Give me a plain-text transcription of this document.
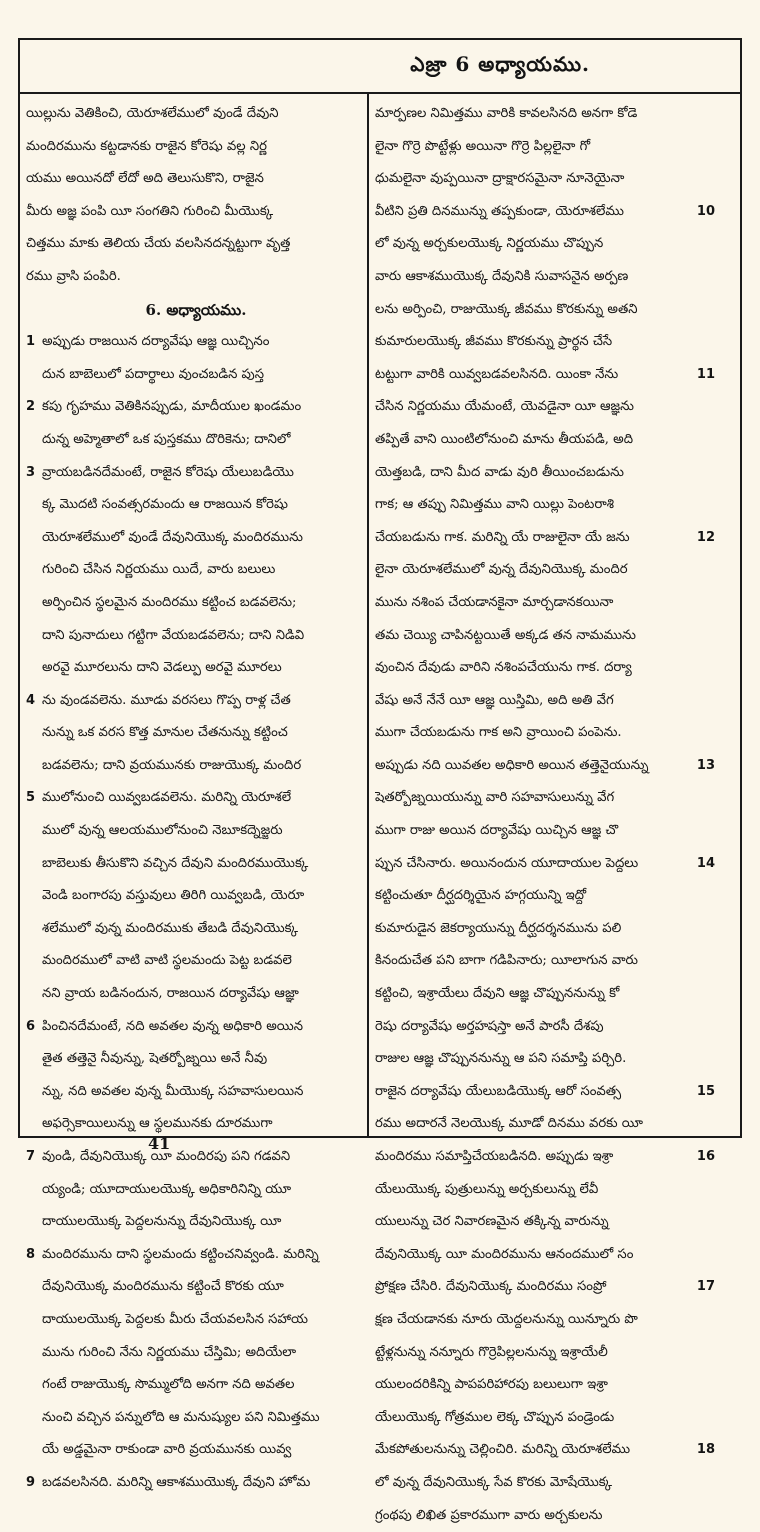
ఎజ్రా 6 అధ్యాయము.
యిల్లును వెతికించి, యెరూశలేములో వుండే దేవుని
మందిరమును కట్టడానకు రాజైన కోరెషు వల్ల నిర్ణ
యము అయినదో లేదో అది తెలుసుకొని, రాజైన
మీరు అజ్ఞ పంపి యీ సంగతిని గురించి మీయొక్క
చిత్తము మాకు తెలియ చేయ వలసినదన్నట్టుగా వృత్త
రము వ్రాసి పంపిరి.
6. అధ్యాయము.
1 అప్పుడు రాజయిన దర్యావేషు ఆజ్ఞ యిచ్చినం
దున బాబెలులో పదార్థాలు వుంచబడిన పుస్త
2 కపు గృహము వెతికినప్పుడు, మాదీయుల ఖండమం
దున్న అహ్మెతాలో ఒక పుస్తకము దొరికెను; దానిలో
3 వ్రాయబడినదేమంటే, రాజైన కోరెషు యేలుబడియొ
క్క మొదటి సంవత్సరమందు ఆ రాజయిన కోరెషు
యెరూశలేములో వుండే దేవునియొక్క మందిరమును
గురించి చేసిన నిర్ణయము యిదే, వారు బలులు
అర్పించిన స్థలమైన మందిరము కట్టించ బడవలెను;
దాని పునాదులు గట్టిగా వేయబడవలెను; దాని నిడివి
అరవై మూరలును దాని వెడల్పు అరవై మూరలు
4 ను వుండవలెను. మూడు వరసలు గొప్ప రాళ్ల చేత
నున్ను ఒక వరస కొత్త మానుల చేతనున్ను కట్టించ
బడవలెను; దాని వ్రయమునకు రాజుయొక్క మందిర
5 ములోనుంచి యివ్వబడవలెను. మరిన్ని యెరూశలే
ములో వున్న ఆలయములోనుంచి నెబూకద్నెజ్జరు
బాబెలుకు తీసుకొని వచ్చిన దేవుని మందిరముయొక్క
వెండి బంగారపు వస్తువులు తిరిగి యివ్వబడి, యెరూ
శలేములో వున్న మందిరముకు తేబడి దేవునియొక్క
మందిరములో వాటి వాటి స్థలమందు పెట్ట బడవలె
నని వ్రాయ బడినందున, రాజయిన దర్యావేషు ఆజ్ఞా
6 పించినదేమంటే, నది అవతల వున్న అధికారి అయిన
తైత తత్తెనై నీవున్ను, షెతర్బోజ్నయి అనే నీవు
న్ను, నది అవతల వున్న మీయొక్క సహవాసులయిన
అఫర్సెకాయిలున్ను ఆ స్థలమునకు దూరముగా
7 వుండి, దేవునియొక్క యీ మందిరపు పని గడవని
య్యండి; యూదాయులయొక్క అధికారినిన్ని యూ
దాయులయొక్క పెద్దలనున్ను దేవునియొక్క యీ
8 మందిరమును దాని స్థలమందు కట్టించనివ్వండి. మరిన్ని
దేవునియొక్క మందిరమును కట్టించే కొరకు యూ
దాయులయొక్క పెద్దలకు మీరు చేయవలసిన సహాయ
మును గురించి నేను నిర్ణయము చేస్తిమి; అదియేలా
గంటే రాజుయొక్క సొమ్ములోది అనగా నది అవతల
నుంచి వచ్చిన పన్నులోది ఆ మనుష్యుల పని నిమిత్తము
యే అడ్డమైనా రాకుండా వారి వ్రయమునకు యివ్వ
9 బడవలసినది. మరిన్ని ఆకాశముయొక్క దేవుని హోమ
మార్పణల నిమిత్తము వారికి కావలసినది అనగా కోడె
లైనా గొర్రె పొట్టేళ్లు అయినా గొర్రె పిల్లలైనా గో
ధుమలైనా వుప్పయినా ద్రాక్షారసమైనా నూనెయైనా
వీటిని ప్రతి దినమున్ను తప్పకుండా, యెరూశలేము	10
లో వున్న అర్చకులయొక్క నిర్ణయము చొప్పున
వారు ఆకాశముయొక్క దేవునికి సువాసనైన అర్పణ
లను అర్పించి, రాజుయొక్క జీవము కొరకున్ను అతని
కుమారులయొక్క జీవము కొరకున్ను ప్రార్థన చేసే
టట్టుగా వారికి యివ్వబడవలసినది. యింకా నేను	11
చేసిన నిర్ణయము యేమంటే, యెవడైనా యీ ఆజ్ఞను
తప్పితే వాని యింటిలోనుంచి మాను తీయపడి, అది
యెత్తబడి, దాని మీద వాడు వురి తీయించబడును
గాక; ఆ తప్పు నిమిత్తము వాని యిల్లు పెంటరాశి
చేయబడును గాక. మరిన్ని యే రాజులైనా యే జను	12
లైనా యెరూశలేములో వున్న దేవునియొక్క మందిర
మును నశింప చేయడానకైనా మార్చడానకయినా
తమ చెయ్యి చాపినట్టయితే అక్కడ తన నామమును
వుంచిన దేవుడు వారిని నశింపచేయును గాక. దర్యా
వేషు అనే నేనే యీ ఆజ్ఞ యిస్తిమి, అది అతి వేగ
ముగా చేయబడును గాక అని వ్రాయించి పంపెను.
అప్పుడు నది యివతల అధికారి అయిన తత్తెనైయున్ను	13
షెతర్బోజ్నయియున్ను వారి సహవాసులున్ను వేగ
ముగా రాజు అయిన దర్యావేషు యిచ్చిన ఆజ్ఞ చొ
ప్పున చేసినారు. అయినందున యూదాయుల పెద్దలు	14
కట్టించుతూ దీర్ఘదర్శియైన హగ్గయున్ని ఇద్దో
కుమారుడైన జెకర్యాయున్ను దీర్ఘదర్శనమును పలి
కినందుచేత పని బాగా గడిపినారు; యీలాగున వారు
కట్టించి, ఇశ్రాయేలు దేవుని ఆజ్ఞ చొప్పుననున్ను కో
రెషు దర్యావేషు అర్తహషస్తా అనే పారసీ దేశపు
రాజుల ఆజ్ఞ చొప్పుననున్ను ఆ పని సమాప్తి పర్చిరి.
రాజైన దర్యావేషు యేలుబడియొక్క ఆరో సంవత్స	15
రము అదారనే నెలయొక్క మూడో దినము వరకు యీ
మందిరము సమాప్తిచేయబడినది. అప్పుడు ఇశ్రా	16
యేలుయొక్క పుత్రులున్ను అర్చకులున్ను లేవీ
యులున్ను చెర నివారణమైన తక్కిన్న వారున్ను
దేవునియొక్క యీ మందిరమును ఆనందములో సం
ప్రోక్షణ చేసిరి. దేవునియొక్క మందిరము సంప్రో	17
క్షణ చేయడానకు నూరు యెద్దలనున్ను యిన్నూరు పొ
ట్టేళ్లనున్ను నన్నూరు గొర్రెపిల్లలనున్ను ఇశ్రాయేలీ
యులందరికిన్ని పాపపరిహారపు బలులుగా ఇశ్రా
యేలుయొక్క గోత్రముల లెక్క చొప్పున పండ్రెండు
మేకపోతులనున్ను చెల్లించిరి. మరిన్ని యెరూశలేము	18
లో వున్న దేవునియొక్క సేవ కొరకు మోషేయొక్క
గ్రంథపు లిఖిత ప్రకారముగా వారు అర్చకులను
41
